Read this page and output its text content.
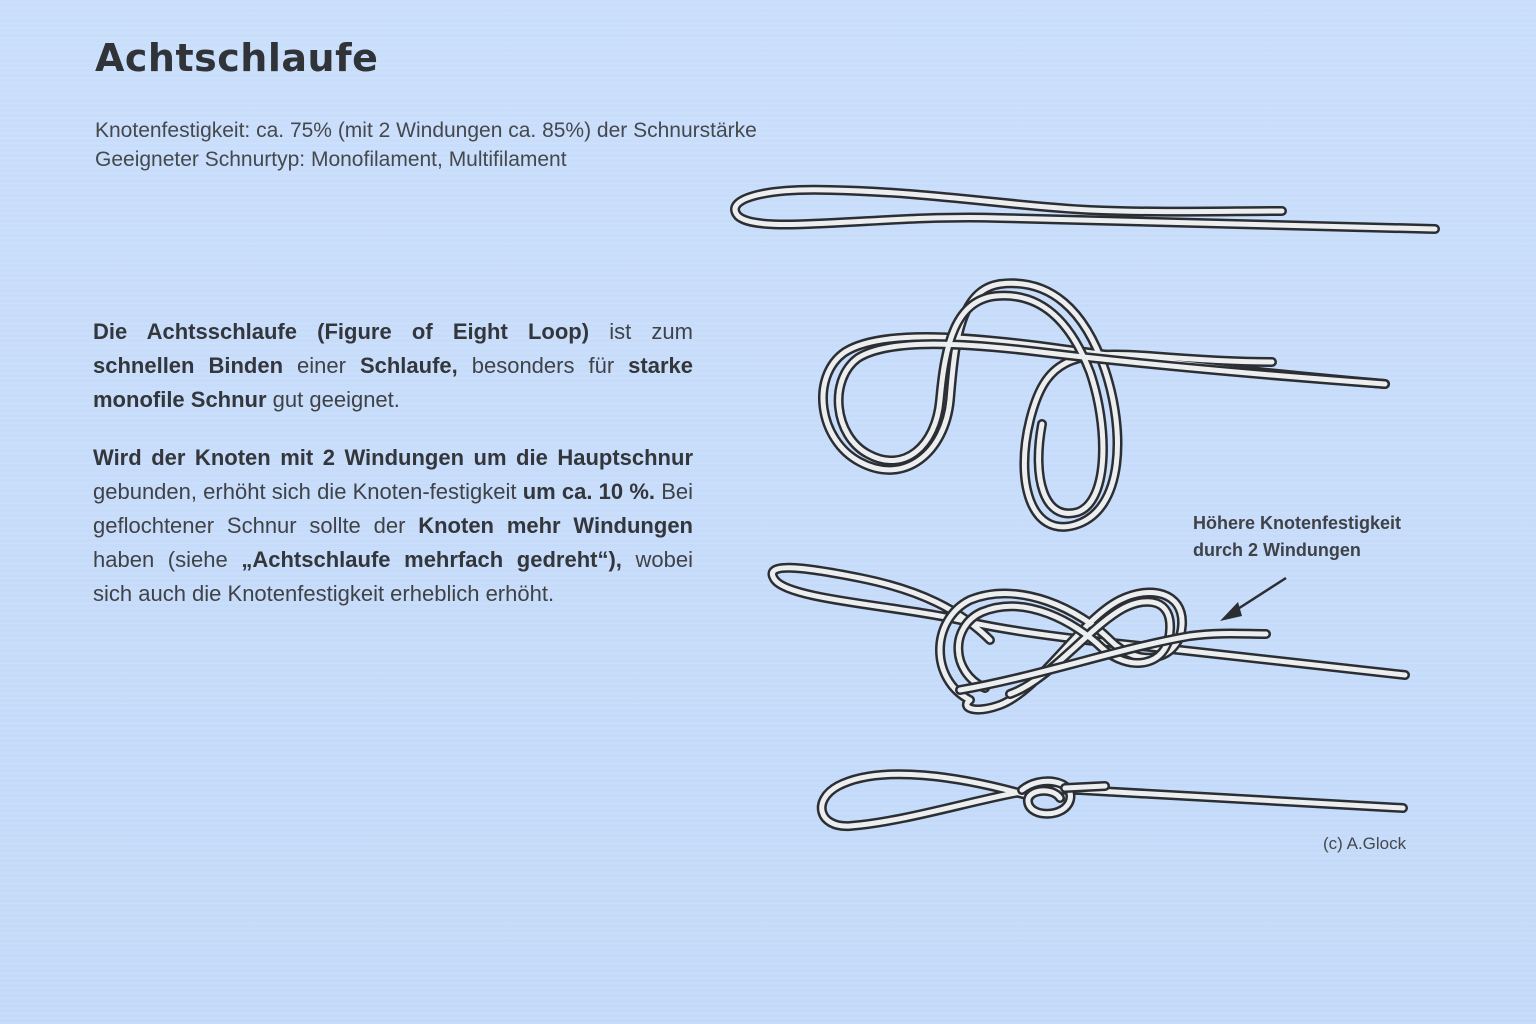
Achtschlaufe
Knotenfestigkeit: ca. 75% (mit 2 Windungen ca. 85%) der Schnurstärke
Geeigneter Schnurtyp: Monofilament, Multifilament

Die Achtsschlaufe (Figure of Eight Loop) ist zum schnellen Binden einer Schlaufe, besonders für starke monofile Schnur gut geeignet.

Wird der Knoten mit 2 Windungen um die Hauptschnur gebunden, erhöht sich die Knoten-festigkeit um ca. 10 %. Bei geflochtener Schnur sollte der Knoten mehr Windungen haben (siehe „Achtschlaufe mehrfach gedreht“), wobei sich auch die Knotenfestigkeit erheblich erhöht.

Höhere Knotenfestigkeit
durch 2 Windungen
(c) A.Glock
